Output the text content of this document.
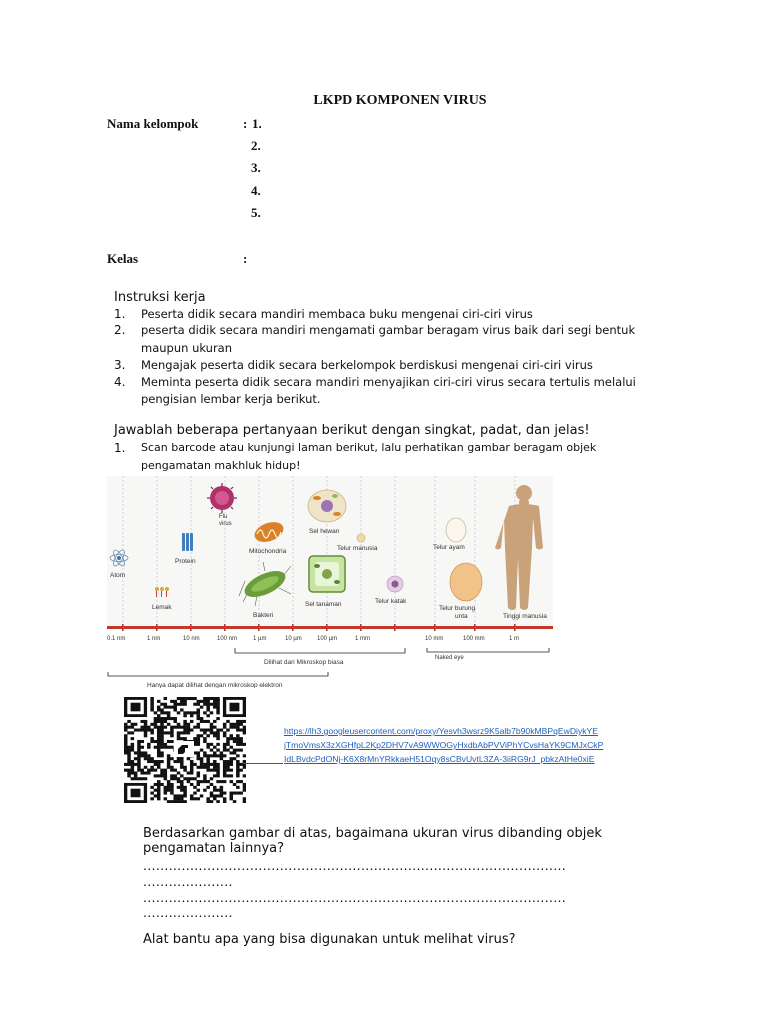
LKPD KOMPONEN VIRUS
Nama kelompok	: 1.
2.
3.
4.
5.
Kelas	:
Instruksi kerja
1. Peserta didik secara mandiri membaca buku mengenai ciri-ciri virus
2. peserta didik secara mandiri mengamati gambar beragam virus baik dari segi bentuk
maupun ukuran
3. Mengajak peserta didik secara berkelompok berdiskusi mengenai ciri-ciri virus
4. Meminta peserta didik secara mandiri menyajikan ciri-ciri virus secara tertulis melalui
pengisian lembar kerja berikut.
Jawablah beberapa pertanyaan berikut dengan singkat, padat, dan jelas!
1. Scan barcode atau kunjungi laman berikut, lalu perhatikan gambar beragam objek
pengamatan makhluk hidup!
Atom
Lemak
Protein
Flu
virus
Mitochondria
Bakteri
Sel hewan
Sel tanaman
Telur manusia
Telur katak
Telur ayam
Telur burung
unta	Tinggi manusia
0.1 nm	1 nm	10 nm	100 nm	1 µm	10 µm	100 µm	1 mm	10 mm	100 mm	1 m
Dilihat dari Mikroskop biasa
Naked eye
Hanya dapat dilihat dengan mikroskop elektron
https://lh3.googleusercontent.com/proxy/Yesvh3wsrz9K5alb7b90kMBPqEwDiykYE
jTmoVmsX3zXGHfpL2Kp2DHV7vA9WWOGyHxdbAbPVViPhYCvsHaYK9CMJxCkP
IdLBvdcPdONj-K6X8rMnYRkkaeH51Oqy8sCBvUvtL3ZA-3iiRG9rJ_pbkzAtHe0xiE
Berdasarkan gambar di atas, bagaimana ukuran virus dibanding objek
pengamatan lainnya?
...................................................................................................
.....................
...................................................................................................
.....................
Alat bantu apa yang bisa digunakan untuk melihat virus?
